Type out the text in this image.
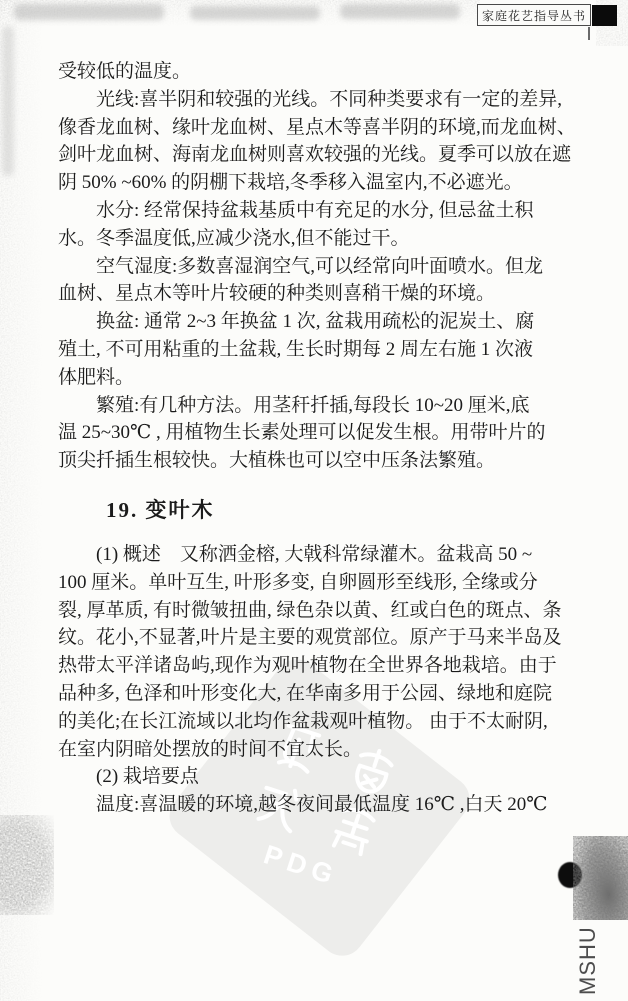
家庭花艺指导丛书
PDG
受较低的温度。
光线:喜半阴和较强的光线。不同种类要求有一定的差异,
像香龙血树、缘叶龙血树、星点木等喜半阴的环境,而龙血树、
剑叶龙血树、海南龙血树则喜欢较强的光线。夏季可以放在遮
阴 50% ~60% 的阴棚下栽培,冬季移入温室内,不必遮光。
水分: 经常保持盆栽基质中有充足的水分, 但忌盆土积
水。冬季温度低,应减少浇水,但不能过干。
空气湿度:多数喜湿润空气,可以经常向叶面喷水。但龙
血树、星点木等叶片较硬的种类则喜稍干燥的环境。
换盆: 通常 2~3 年换盆 1 次, 盆栽用疏松的泥炭土、腐
殖土, 不可用粘重的土盆栽, 生长时期每 2 周左右施 1 次液
体肥料。
繁殖:有几种方法。用茎秆扦插,每段长 10~20 厘米,底
温 25~30℃ , 用植物生长素处理可以促发生根。用带叶片的
顶尖扦插生根较快。大植株也可以空中压条法繁殖。
19. 变叶木
(1) 概述　又称洒金榕, 大戟科常绿灌木。盆栽高 50 ~
100 厘米。单叶互生, 叶形多变, 自卵圆形至线形, 全缘或分
裂, 厚革质, 有时微皱扭曲, 绿色杂以黄、红或白色的斑点、条
纹。花小,不显著,叶片是主要的观赏部位。原产于马来半岛及
热带太平洋诸岛屿,现作为观叶植物在全世界各地栽培。由于
品种多, 色泽和叶形变化大, 在华南多用于公园、绿地和庭院
的美化;在长江流域以北均作盆栽观叶植物。 由于不太耐阴,
在室内阴暗处摆放的时间不宜太长。
(2) 栽培要点
温度:喜温暖的环境,越冬夜间最低温度 16℃ ,白天 20℃
MSHU
